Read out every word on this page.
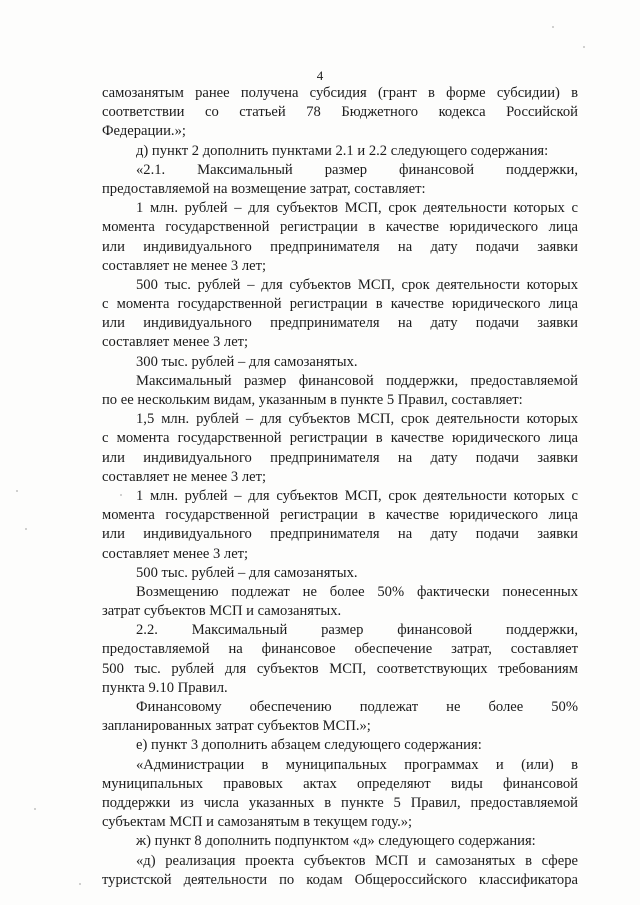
4
самозанятым ранее получена субсидия (грант в форме субсидии) в
соответствии со статьей 78 Бюджетного кодекса Российской
Федерации.»;
д) пункт 2 дополнить пунктами 2.1 и 2.2 следующего содержания:
«2.1. Максимальный размер финансовой поддержки,
предоставляемой на возмещение затрат, составляет:
1 млн. рублей – для субъектов МСП, срок деятельности которых с
момента государственной регистрации в качестве юридического лица
или индивидуального предпринимателя на дату подачи заявки
составляет не менее 3 лет;
500 тыс. рублей – для субъектов МСП, срок деятельности которых
с момента государственной регистрации в качестве юридического лица
или индивидуального предпринимателя на дату подачи заявки
составляет менее 3 лет;
300 тыс. рублей – для самозанятых.
Максимальный размер финансовой поддержки, предоставляемой
по ее нескольким видам, указанным в пункте 5 Правил, составляет:
1,5 млн. рублей – для субъектов МСП, срок деятельности которых
с момента государственной регистрации в качестве юридического лица
или индивидуального предпринимателя на дату подачи заявки
составляет не менее 3 лет;
1 млн. рублей – для субъектов МСП, срок деятельности которых с
момента государственной регистрации в качестве юридического лица
или индивидуального предпринимателя на дату подачи заявки
составляет менее 3 лет;
500 тыс. рублей – для самозанятых.
Возмещению подлежат не более 50% фактически понесенных
затрат субъектов МСП и самозанятых.
2.2. Максимальный размер финансовой поддержки,
предоставляемой на финансовое обеспечение затрат, составляет
500 тыс. рублей для субъектов МСП, соответствующих требованиям
пункта 9.10 Правил.
Финансовому обеспечению подлежат не более 50%
запланированных затрат субъектов МСП.»;
е) пункт 3 дополнить абзацем следующего содержания:
«Администрации в муниципальных программах и (или) в
муниципальных правовых актах определяют виды финансовой
поддержки из числа указанных в пункте 5 Правил, предоставляемой
субъектам МСП и самозанятым в текущем году.»;
ж) пункт 8 дополнить подпунктом «д» следующего содержания:
«д) реализация проекта субъектов МСП и самозанятых в сфере
туристской деятельности по кодам Общероссийского классификатора
